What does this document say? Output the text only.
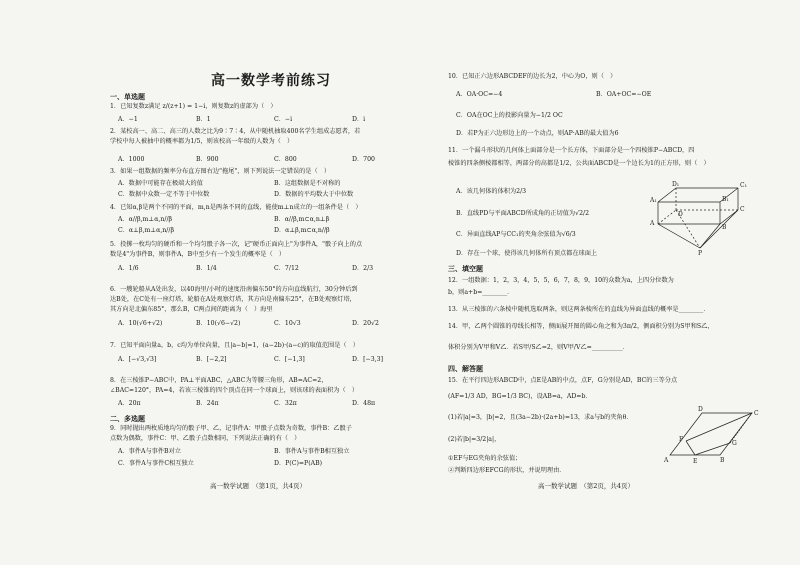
高一数学考前练习
一、单选题
1．已知复数z满足 z/(z+1) = 1−i，则复数z的虚部为（　）
A．−1	B．1	C．−i	D．i
2．某校高一、高二、高三的人数之比为9∶7∶4，从中随机抽取400名学生组成志愿者，若
学校中每人被抽中的概率都为1/5，则该校高一年级的人数为（　）
A．1000	B．900	C．800	D．700
3．如果一组数据的频率分布直方图右边"拖尾"，则下列说法一定错误的是（　）
A．数据中可能存在极端大的值	B．这组数据是不对称的
C．数据中众数一定不等于中位数	D．数据的平均数大于中位数
4．已知α,β是两个不同的平面，m,n是两条不同的直线，能使m⊥n成立的一组条件是（　）
A．α//β,m⊥α,n//β	B．α//β,m⊂α,n⊥β
C．α⊥β,m⊥α,n//β	D．α⊥β,m⊂α,n//β
5．投掷一枚均匀的硬币和一个均匀骰子各一次，记"硬币正面向上"为事件A，"骰子向上的点
数是4"为事件B，则事件A，B中至少有一个发生的概率是（　）
A．1/6	B．1/4	C．7/12	D．2/3
6．一艘轮船从A处出发，以40海里/小时的速度沿南偏东50°的方向直线航行，30分钟后到
达B处，在C处有一座灯塔，轮船在A处观察灯塔，其方向是南偏东25°，在B处观察灯塔，
其方向是北偏东85°，那么B，C两点间的距离为（　）海里
A．10(√6+√2)	B．10(√6−√2)	C．10√3	D．20√2
7．已知平面向量a，b，c均为单位向量，且|a−b|=1，(a−2b)·(a−c)的取值范围是（　）
A．[−√3,√3]	B．[−2,2]	C．[−1,3]	D．[−3,3]
8．在三棱锥P−ABC中，PA⊥平面ABC，△ABC为等腰三角形，AB=AC=2，
∠BAC=120°，PA=4，若该三棱锥的四个顶点在同一个球面上，则该球的表面积为（　）
A．20π	B．24π	C．32π	D．48π
二、多选题
9．同时抛出两枚质地均匀的骰子甲、乙，记事件A：甲骰子点数为奇数，事件B：乙骰子
点数为偶数，事件C：甲、乙骰子点数相同，下列说法正确的有（　）
A．事件A与事件B对立	B．事件A与事件B相互独立
C．事件A与事件C相互独立	D．P(C)=P(AB)
高一数学试题　（第1页，共4页）
10．已知正六边形ABCDEF的边长为2，中心为O，则（　）
A．OA·OC=−4	B．OA+OC=−OE
C．OA在OC上的投影向量为−1/2 OC
D．若P为正六边形边上的一个动点，则AP·AB的最大值为6
11．一个漏斗形状的几何体上面部分是一个长方体，下面部分是一个四棱锥P−ABCD，四
棱锥的四条侧棱都相等，两部分的高都是1/2，公共面ABCD是一个边长为1的正方形，则（　）
A．该几何体的体积为2/3
B．直线PD与平面ABCD所成角的正切值为√2/2
C．异面直线AP与CC₁的夹角余弦值为√6/3
D．存在一个球，使得该几何体所有顶点都在球面上
D₁	C₁
A₁	B₁
A
B
C
D
P
三、填空题
12．一组数据：1，2，3，4，5，5，6，7，8，9，10的众数为a，上四分位数为
b，则a+b=________．
13．从三棱锥的六条棱中随机选取两条，则这两条棱所在的直线为异面直线的概率是________．
14．甲，乙两个圆锥的母线长相等，侧面展开图的圆心角之和为3π/2，侧面积分别为S甲和S乙，
体积分别为V甲和V乙．若S甲/S乙=2，则V甲/V乙=__________．
四、解答题
15．在平行四边形ABCD中，点E是AB的中点，点F，G分别是AD，BC的三等分点
(AF=1/3 AD，BG=1/3 BC)，设AB=a，AD=b．
(1)若|a|=3，|b|=2，且(3a−2b)·(2a+b)=13，求a与b的夹角θ．
(2)若|b|=3/2|a|，
①EF与EG夹角的余弦值；
②判断四边形EFCG的形状，并说明理由．
A	B
C
D
E
F
G
高一数学试题　（第2页，共4页）
